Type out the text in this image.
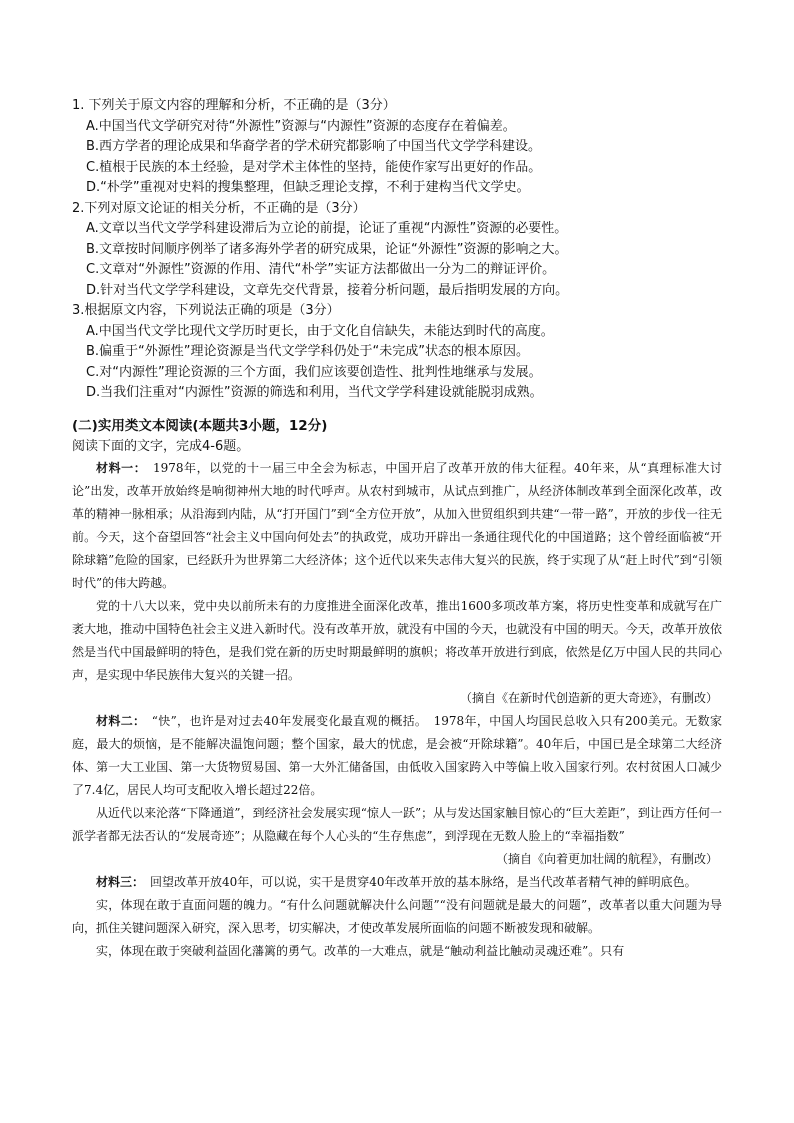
1. 下列关于原文内容的理解和分析，不正确的是（3分）
A.中国当代文学研究对待“外源性”资源与“内源性”资源的态度存在着偏差。
B.西方学者的理论成果和华裔学者的学术研究都影响了中国当代文学学科建设。
C.植根于民族的本土经验，是对学术主体性的坚持，能使作家写出更好的作品。
D.“朴学”重视对史料的搜集整理，但缺乏理论支撑，不利于建构当代文学史。
2.下列对原文论证的相关分析，不正确的是（3分）
A.文章以当代文学学科建设滞后为立论的前提，论证了重视“内源性”资源的必要性。
B.文章按时间顺序例举了诸多海外学者的研究成果，论证“外源性”资源的影响之大。
C.文章对“外源性”资源的作用、清代“朴学”实证方法都做出一分为二的辩证评价。
D.针对当代文学学科建设，文章先交代背景，接着分析问题，最后指明发展的方向。
3.根据原文内容，下列说法正确的项是（3分）
A.中国当代文学比现代文学历时更长，由于文化自信缺失，未能达到时代的高度。
B.偏重于“外源性”理论资源是当代文学学科仍处于“未完成”状态的根本原因。
C.对“内源性”理论资源的三个方面，我们应该要创造性、批判性地继承与发展。
D.当我们注重对“内源性”资源的筛选和利用，当代文学学科建设就能脱羽成熟。
(二)实用类文本阅读(本题共3小题，12分)
阅读下面的文字，完成4-6题。

材料一：　 1978年，以党的十一届三中全会为标志，中国开启了改革开放的伟大征程。40年来，从“真理标准大讨论”出发，改革开放始终是响彻神州大地的时代呼声。从农村到城市，从试点到推广，从经济体制改革到全面深化改革，改革的精神一脉相承；从沿海到内陆，从“打开国门”到“全方位开放”，从加入世贸组织到共建“一带一路”，开放的步伐一往无前。今天，这个奋望回答“社会主义中国向何处去”的执政党，成功开辟出一条通往现代化的中国道路；这个曾经面临被“开除球籍”危险的国家，已经跃升为世界第二大经济体；这个近代以来失志伟大复兴的民族，终于实现了从“赶上时代”到“引领时代”的伟大跨越。

党的十八大以来，党中央以前所未有的力度推进全面深化改革，推出1600多项改革方案，将历史性变革和成就写在广袤大地，推动中国特色社会主义进入新时代。没有改革开放，就没有中国的今天，也就没有中国的明天。今天，改革开放依然是当代中国最鲜明的特色，是我们党在新的历史时期最鲜明的旗帜；将改革开放进行到底，依然是亿万中国人民的共同心声，是实现中华民族伟大复兴的关键一招。

（摘自《在新时代创造新的更大奇迹》，有删改）

材料二：　 “快”，也许是对过去40年发展变化最直观的概括。　1978年，中国人均国民总收入只有200美元。无数家庭，最大的烦恼，是不能解决温饱问题；整个国家，最大的忧虑，是会被“开除球籍”。40年后，中国已是全球第二大经济体、第一大工业国、第一大货物贸易国、第一大外汇储备国，由低收入国家跨入中等偏上收入国家行列。农村贫困人口减少了7.4亿，居民人均可支配收入增长超过22倍。

从近代以来沦落“下降通道”，到经济社会发展实现“惊人一跃”；从与发达国家触目惊心的“巨大差距”，到让西方任何一派学者都无法否认的“发展奇迹”；从隐藏在每个人心头的“生存焦虑”，到浮现在无数人脸上的“幸福指数”

（摘自《向着更加壮阔的航程》，有删改）

材料三：　 回望改革开放40年，可以说，实干是贯穿40年改革开放的基本脉络，是当代改革者精气神的鲜明底色。

实，体现在敢于直面问题的魄力。“有什么问题就解决什么问题”“没有问题就是最大的问题”，改革者以重大问题为导向，抓住关键问题深入研究，深入思考，切实解决，才使改革发展所面临的问题不断被发现和破解。

实，体现在敢于突破利益固化藩篱的勇气。改革的一大难点，就是“触动利益比触动灵魂还难”。只有
